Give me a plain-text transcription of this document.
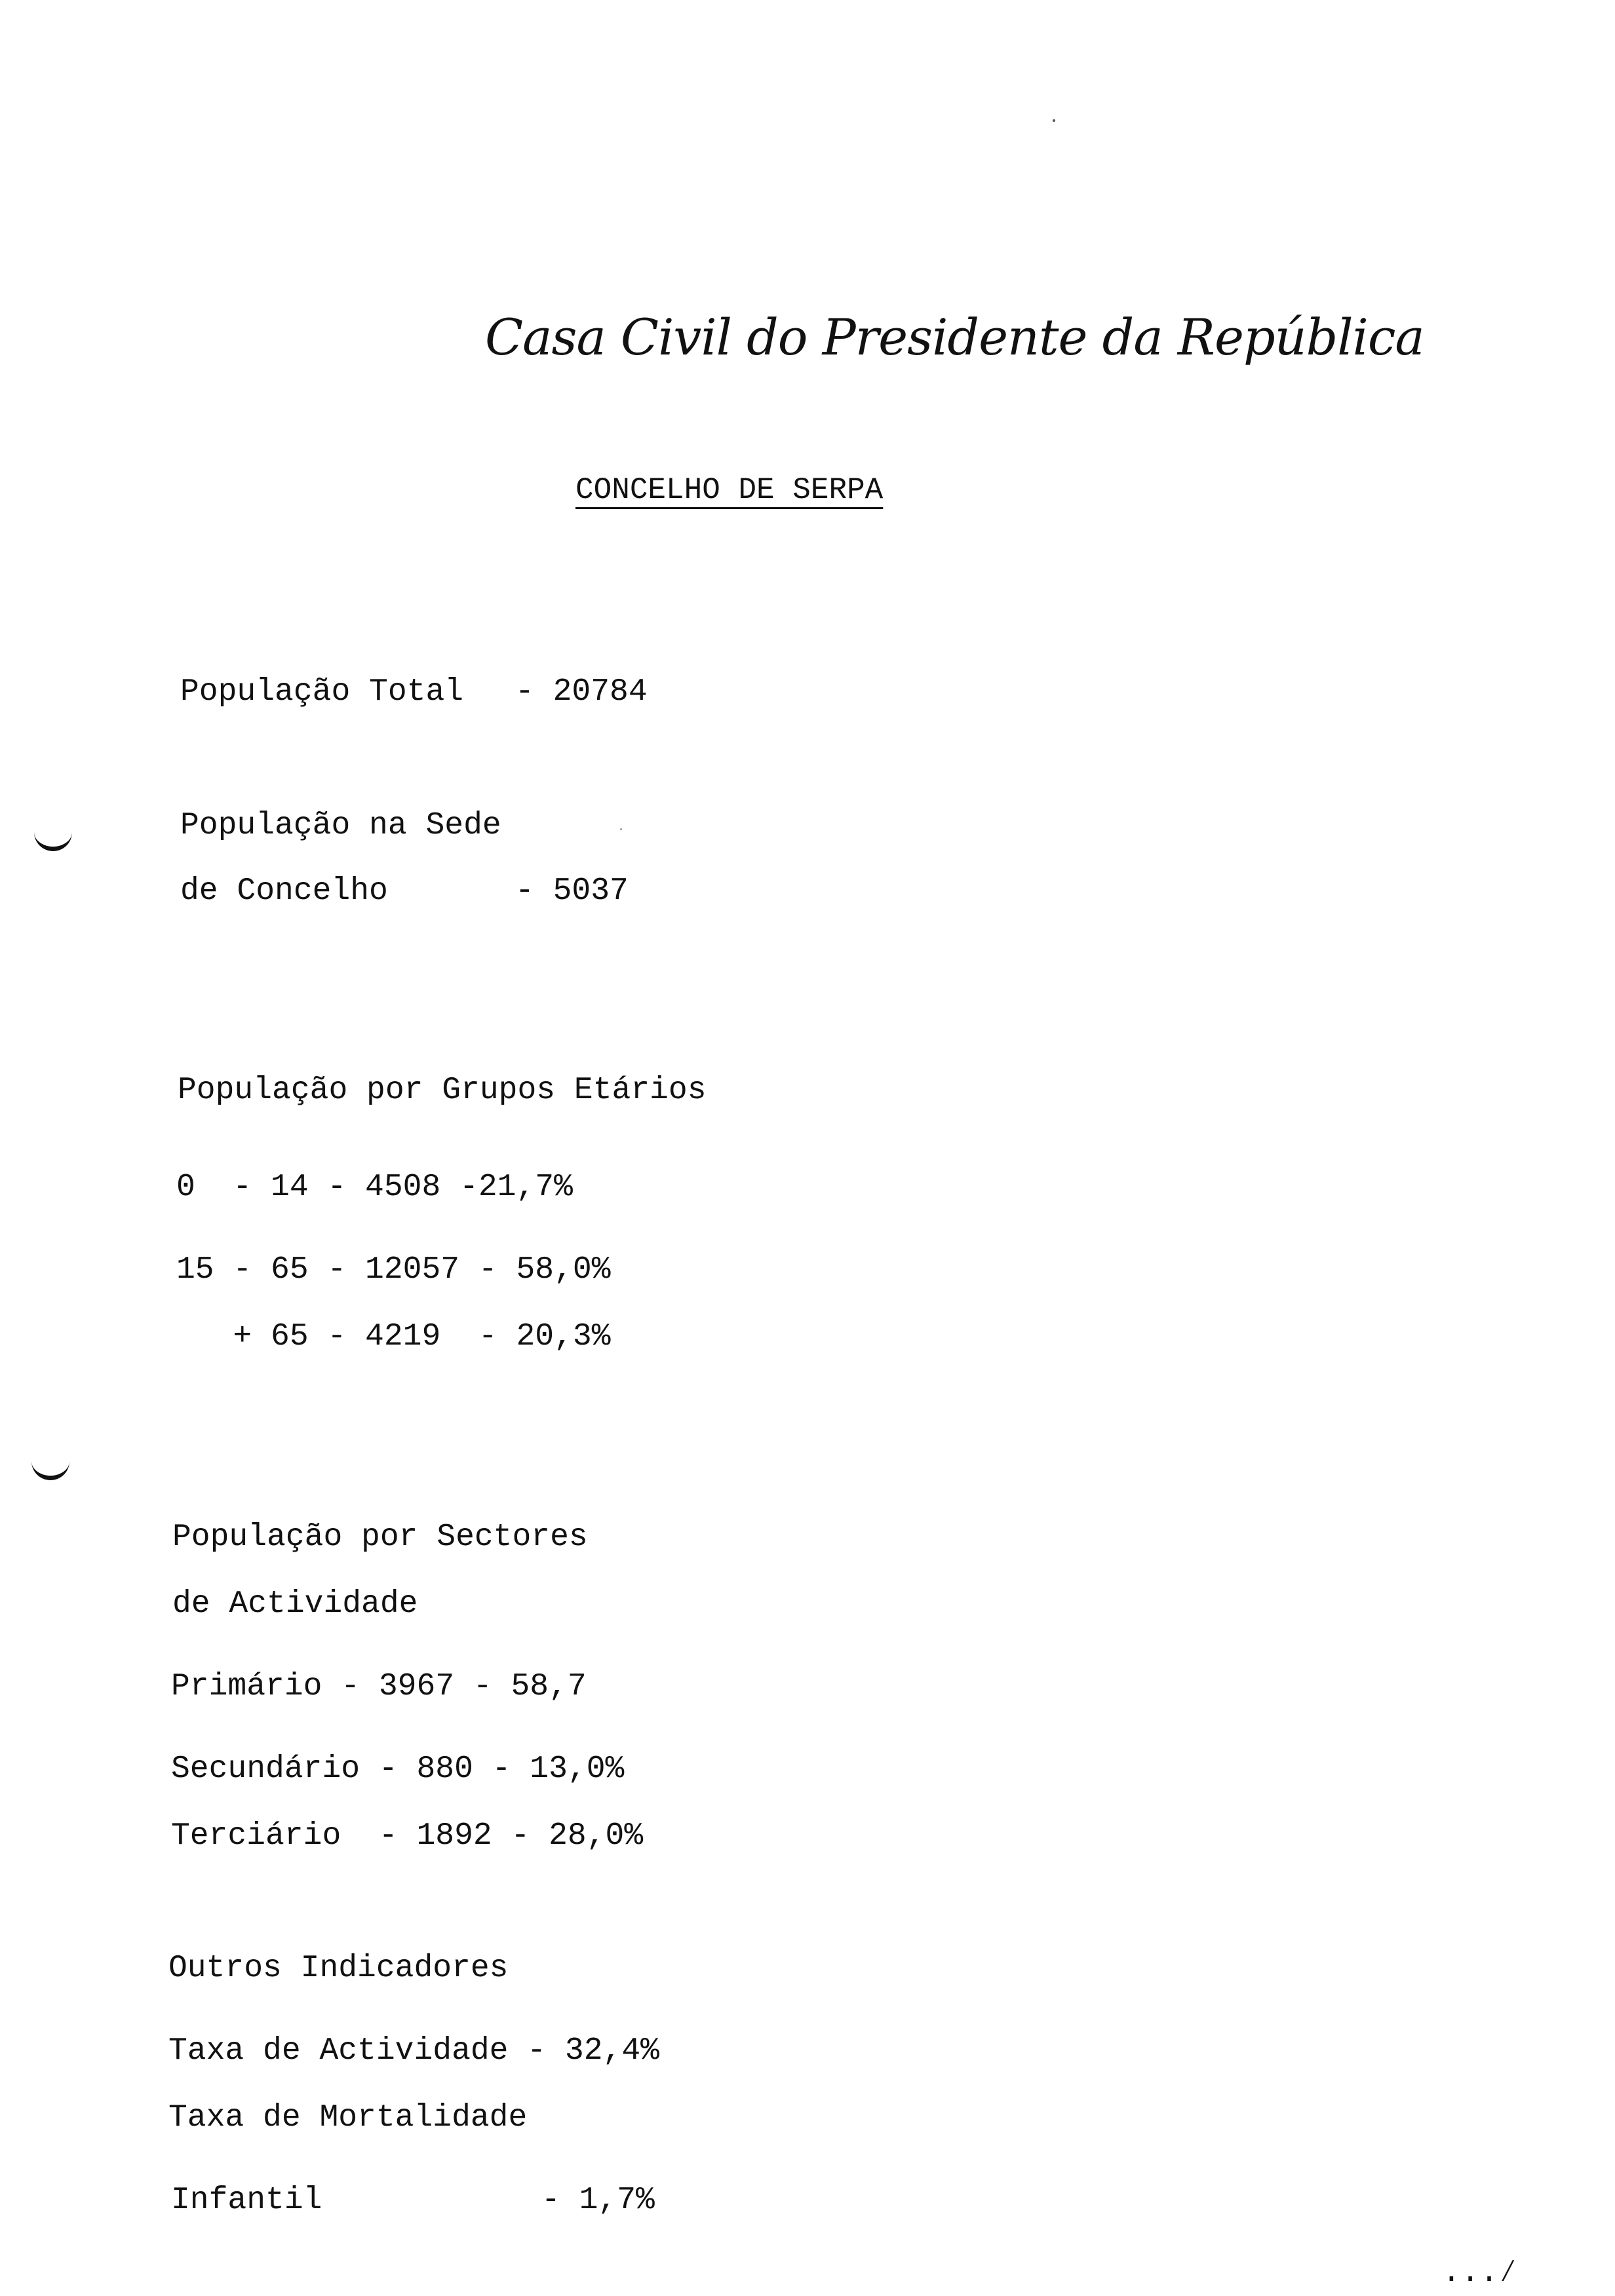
Casa Civil do Presidente da República
CONCELHO DE SERPA
População Total - 20784
População na Sede
de Concelho	- 5037
População por Grupos Etários
0  - 14 - 4508 -21,7%
15 - 65 - 12057 - 58,0%
+ 65 - 4219  - 20,3%
População por Sectores
de Actividade
Primário - 3967 - 58,7
Secundário - 880 - 13,0%
Terciário  - 1892 - 28,0%
Outros Indicadores
Taxa de Actividade - 32,4%
Taxa de Mortalidade
Infantil	- 1,7%
...⁄
